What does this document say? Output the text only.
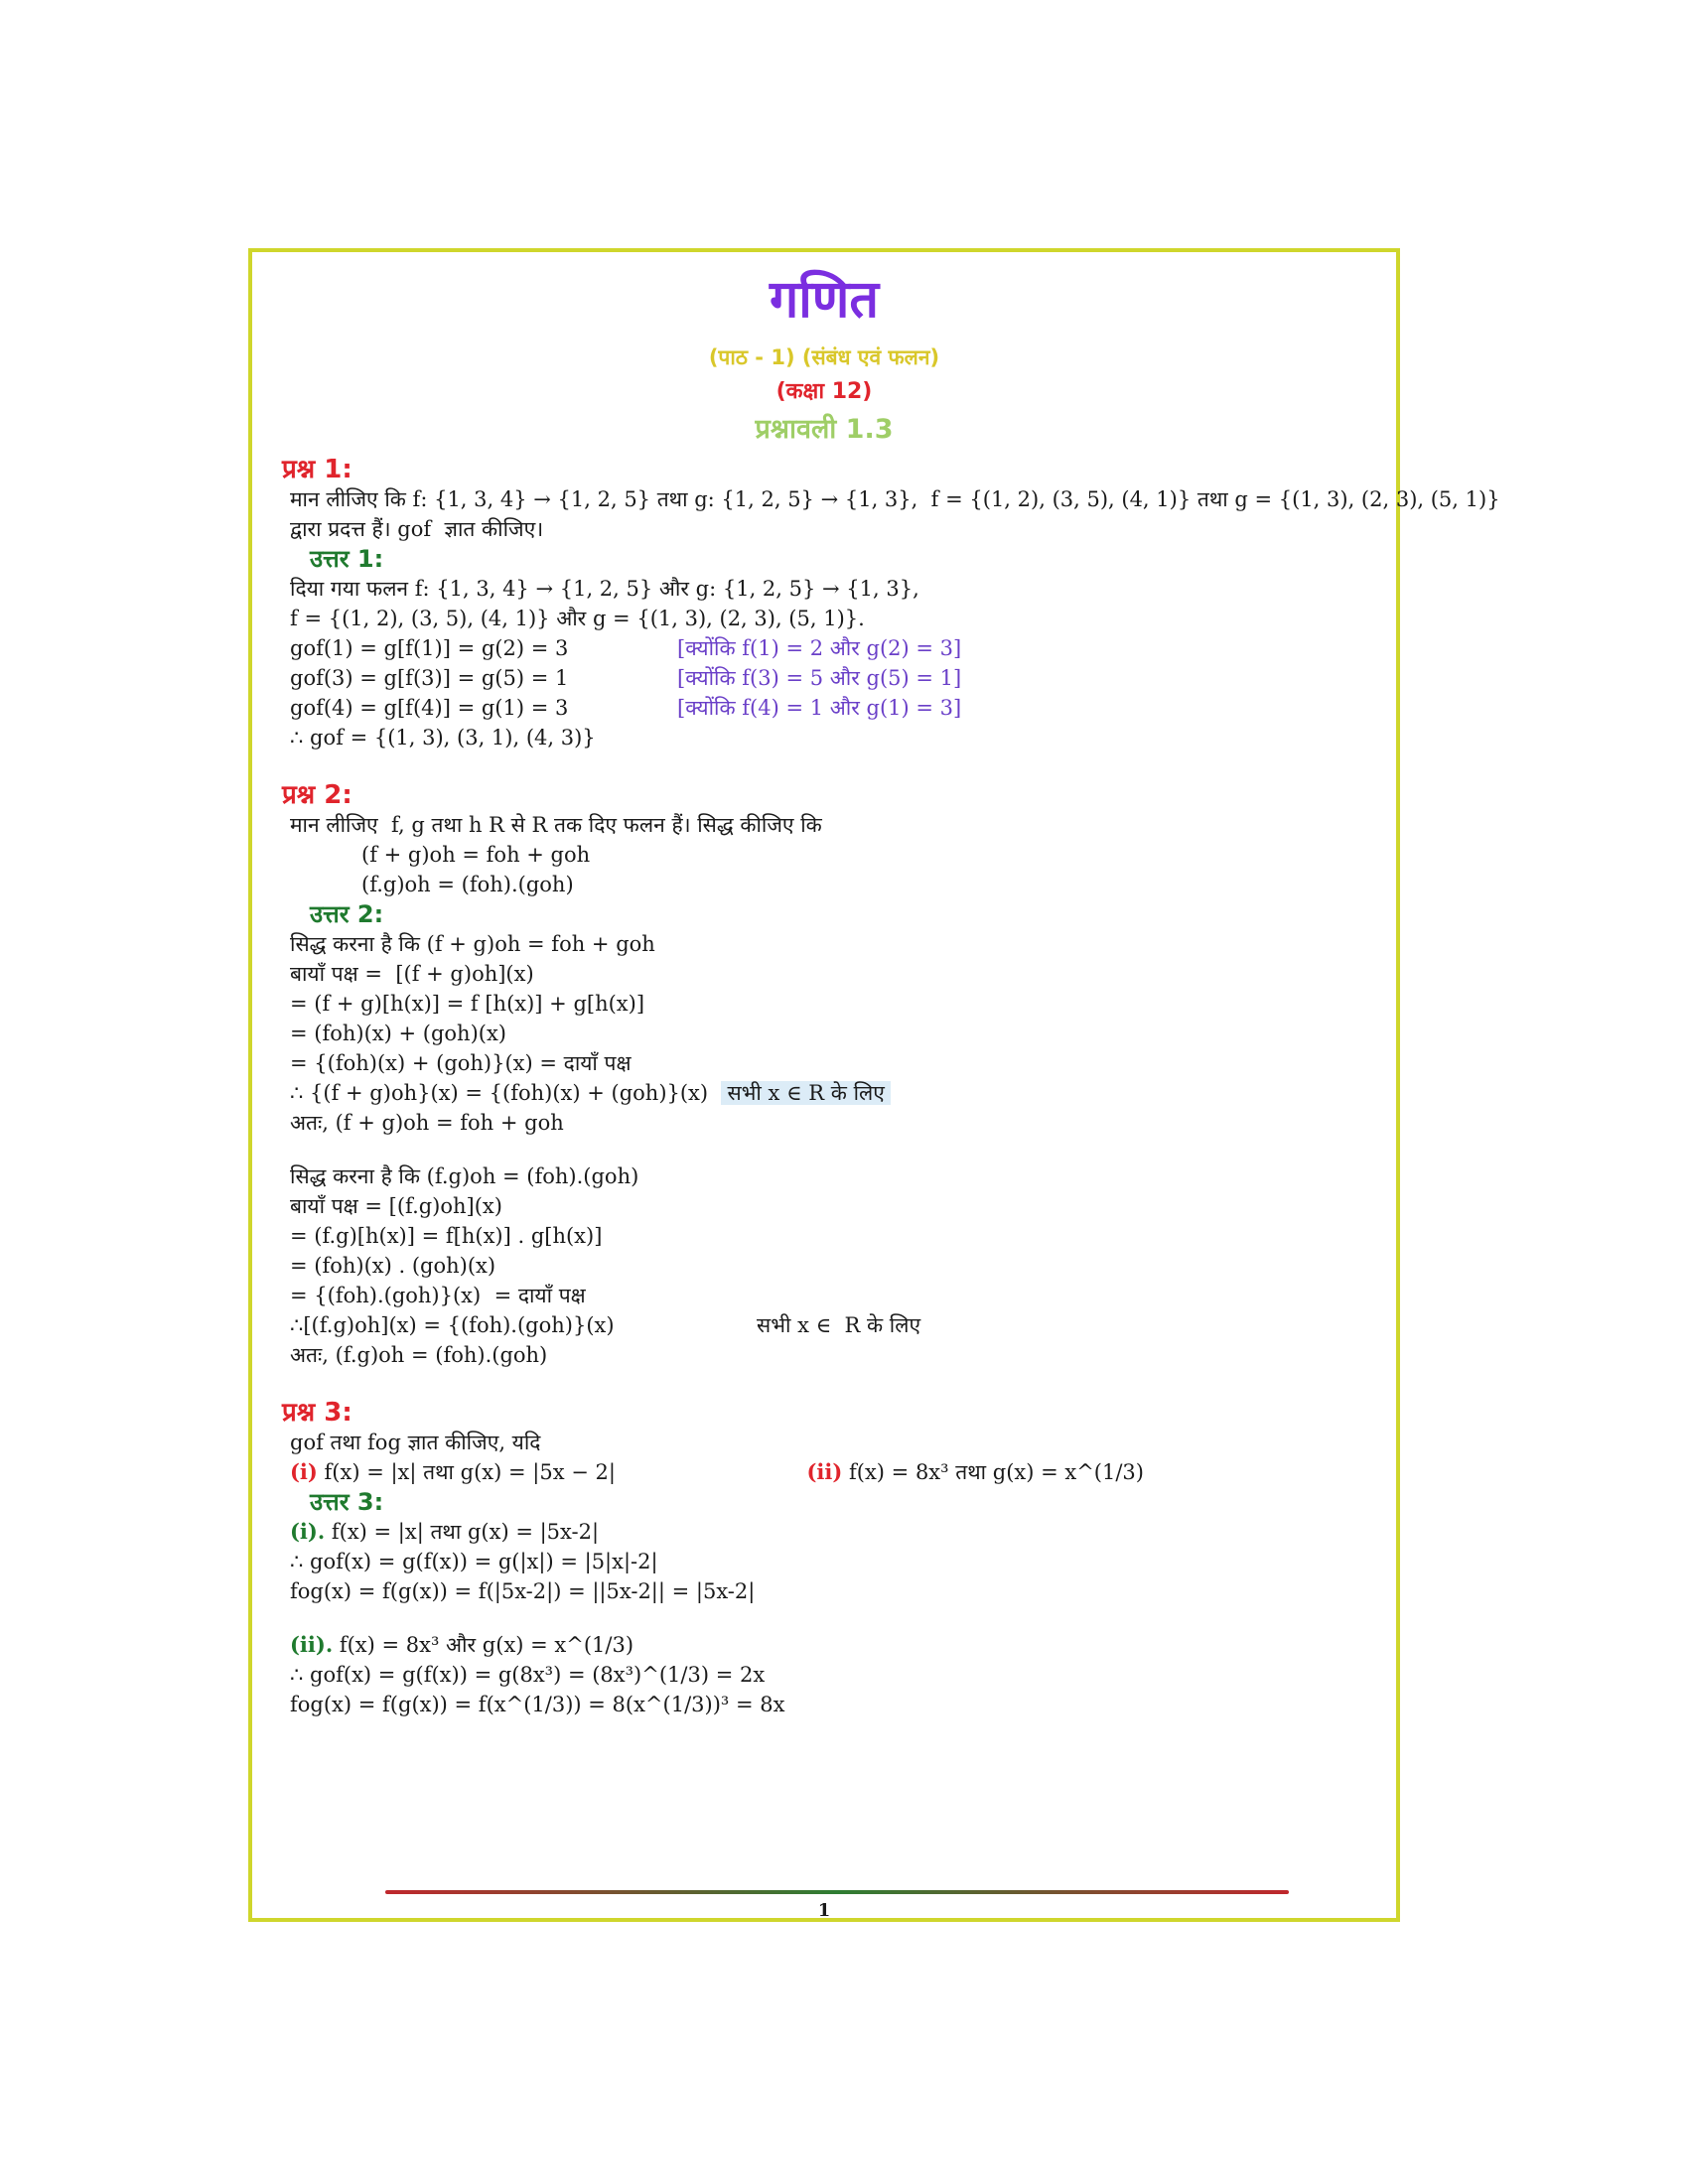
गणित
(पाठ - 1) (संबंध एवं फलन)
(कक्षा 12)
प्रश्नावली 1.3
प्रश्न 1:
मान लीजिए कि f: {1, 3, 4} → {1, 2, 5} तथा g: {1, 2, 5} → {1, 3},  f = {(1, 2), (3, 5), (4, 1)} तथा g = {(1, 3), (2, 3), (5, 1)}
द्वारा प्रदत्त हैं। gof  ज्ञात कीजिए।
उत्तर 1:
दिया गया फलन f: {1, 3, 4} → {1, 2, 5} और g: {1, 2, 5} → {1, 3},
f = {(1, 2), (3, 5), (4, 1)} और g = {(1, 3), (2, 3), (5, 1)}.
gof(1) = g[f(1)] = g(2) = 3	[क्योंकि f(1) = 2 और g(2) = 3]
gof(3) = g[f(3)] = g(5) = 1	[क्योंकि f(3) = 5 और g(5) = 1]
gof(4) = g[f(4)] = g(1) = 3	[क्योंकि f(4) = 1 और g(1) = 3]
∴ gof = {(1, 3), (3, 1), (4, 3)}
प्रश्न 2:
मान लीजिए  f, g तथा h R से R तक दिए फलन हैं। सिद्ध कीजिए कि
(f + g)oh = foh + goh
(f.g)oh = (foh).(goh)
उत्तर 2:
सिद्ध करना है कि (f + g)oh = foh + goh
बायाँ पक्ष =  [(f + g)oh](x)
= (f + g)[h(x)] = f [h(x)] + g[h(x)]
= (foh)(x) + (goh)(x)
= {(foh)(x) + (goh)}(x) = दायाँ पक्ष
∴ {(f + g)oh}(x) = {(foh)(x) + (goh)}(x) सभी x ∈ R के लिए
अतः, (f + g)oh = foh + goh
सिद्ध करना है कि (f.g)oh = (foh).(goh)
बायाँ पक्ष = [(f.g)oh](x)
= (f.g)[h(x)] = f[h(x)] . g[h(x)]
= (foh)(x) . (goh)(x)
= {(foh).(goh)}(x)  = दायाँ पक्ष
∴[(f.g)oh](x) = {(foh).(goh)}(x)	सभी x ∈  R के लिए
अतः, (f.g)oh = (foh).(goh)
प्रश्न 3:
gof तथा fog ज्ञात कीजिए, यदि
(i) f(x) = |x| तथा g(x) = |5x − 2|	(ii) f(x) = 8x³ तथा g(x) = x^(1/3)
उत्तर 3:
(i). f(x) = |x| तथा g(x) = |5x-2|
∴ gof(x) = g(f(x)) = g(|x|) = |5|x|-2|
fog(x) = f(g(x)) = f(|5x-2|) = ||5x-2|| = |5x-2|
(ii). f(x) = 8x³ और g(x) = x^(1/3)
∴ gof(x) = g(f(x)) = g(8x³) = (8x³)^(1/3) = 2x
fog(x) = f(g(x)) = f(x^(1/3)) = 8(x^(1/3))³ = 8x
1
